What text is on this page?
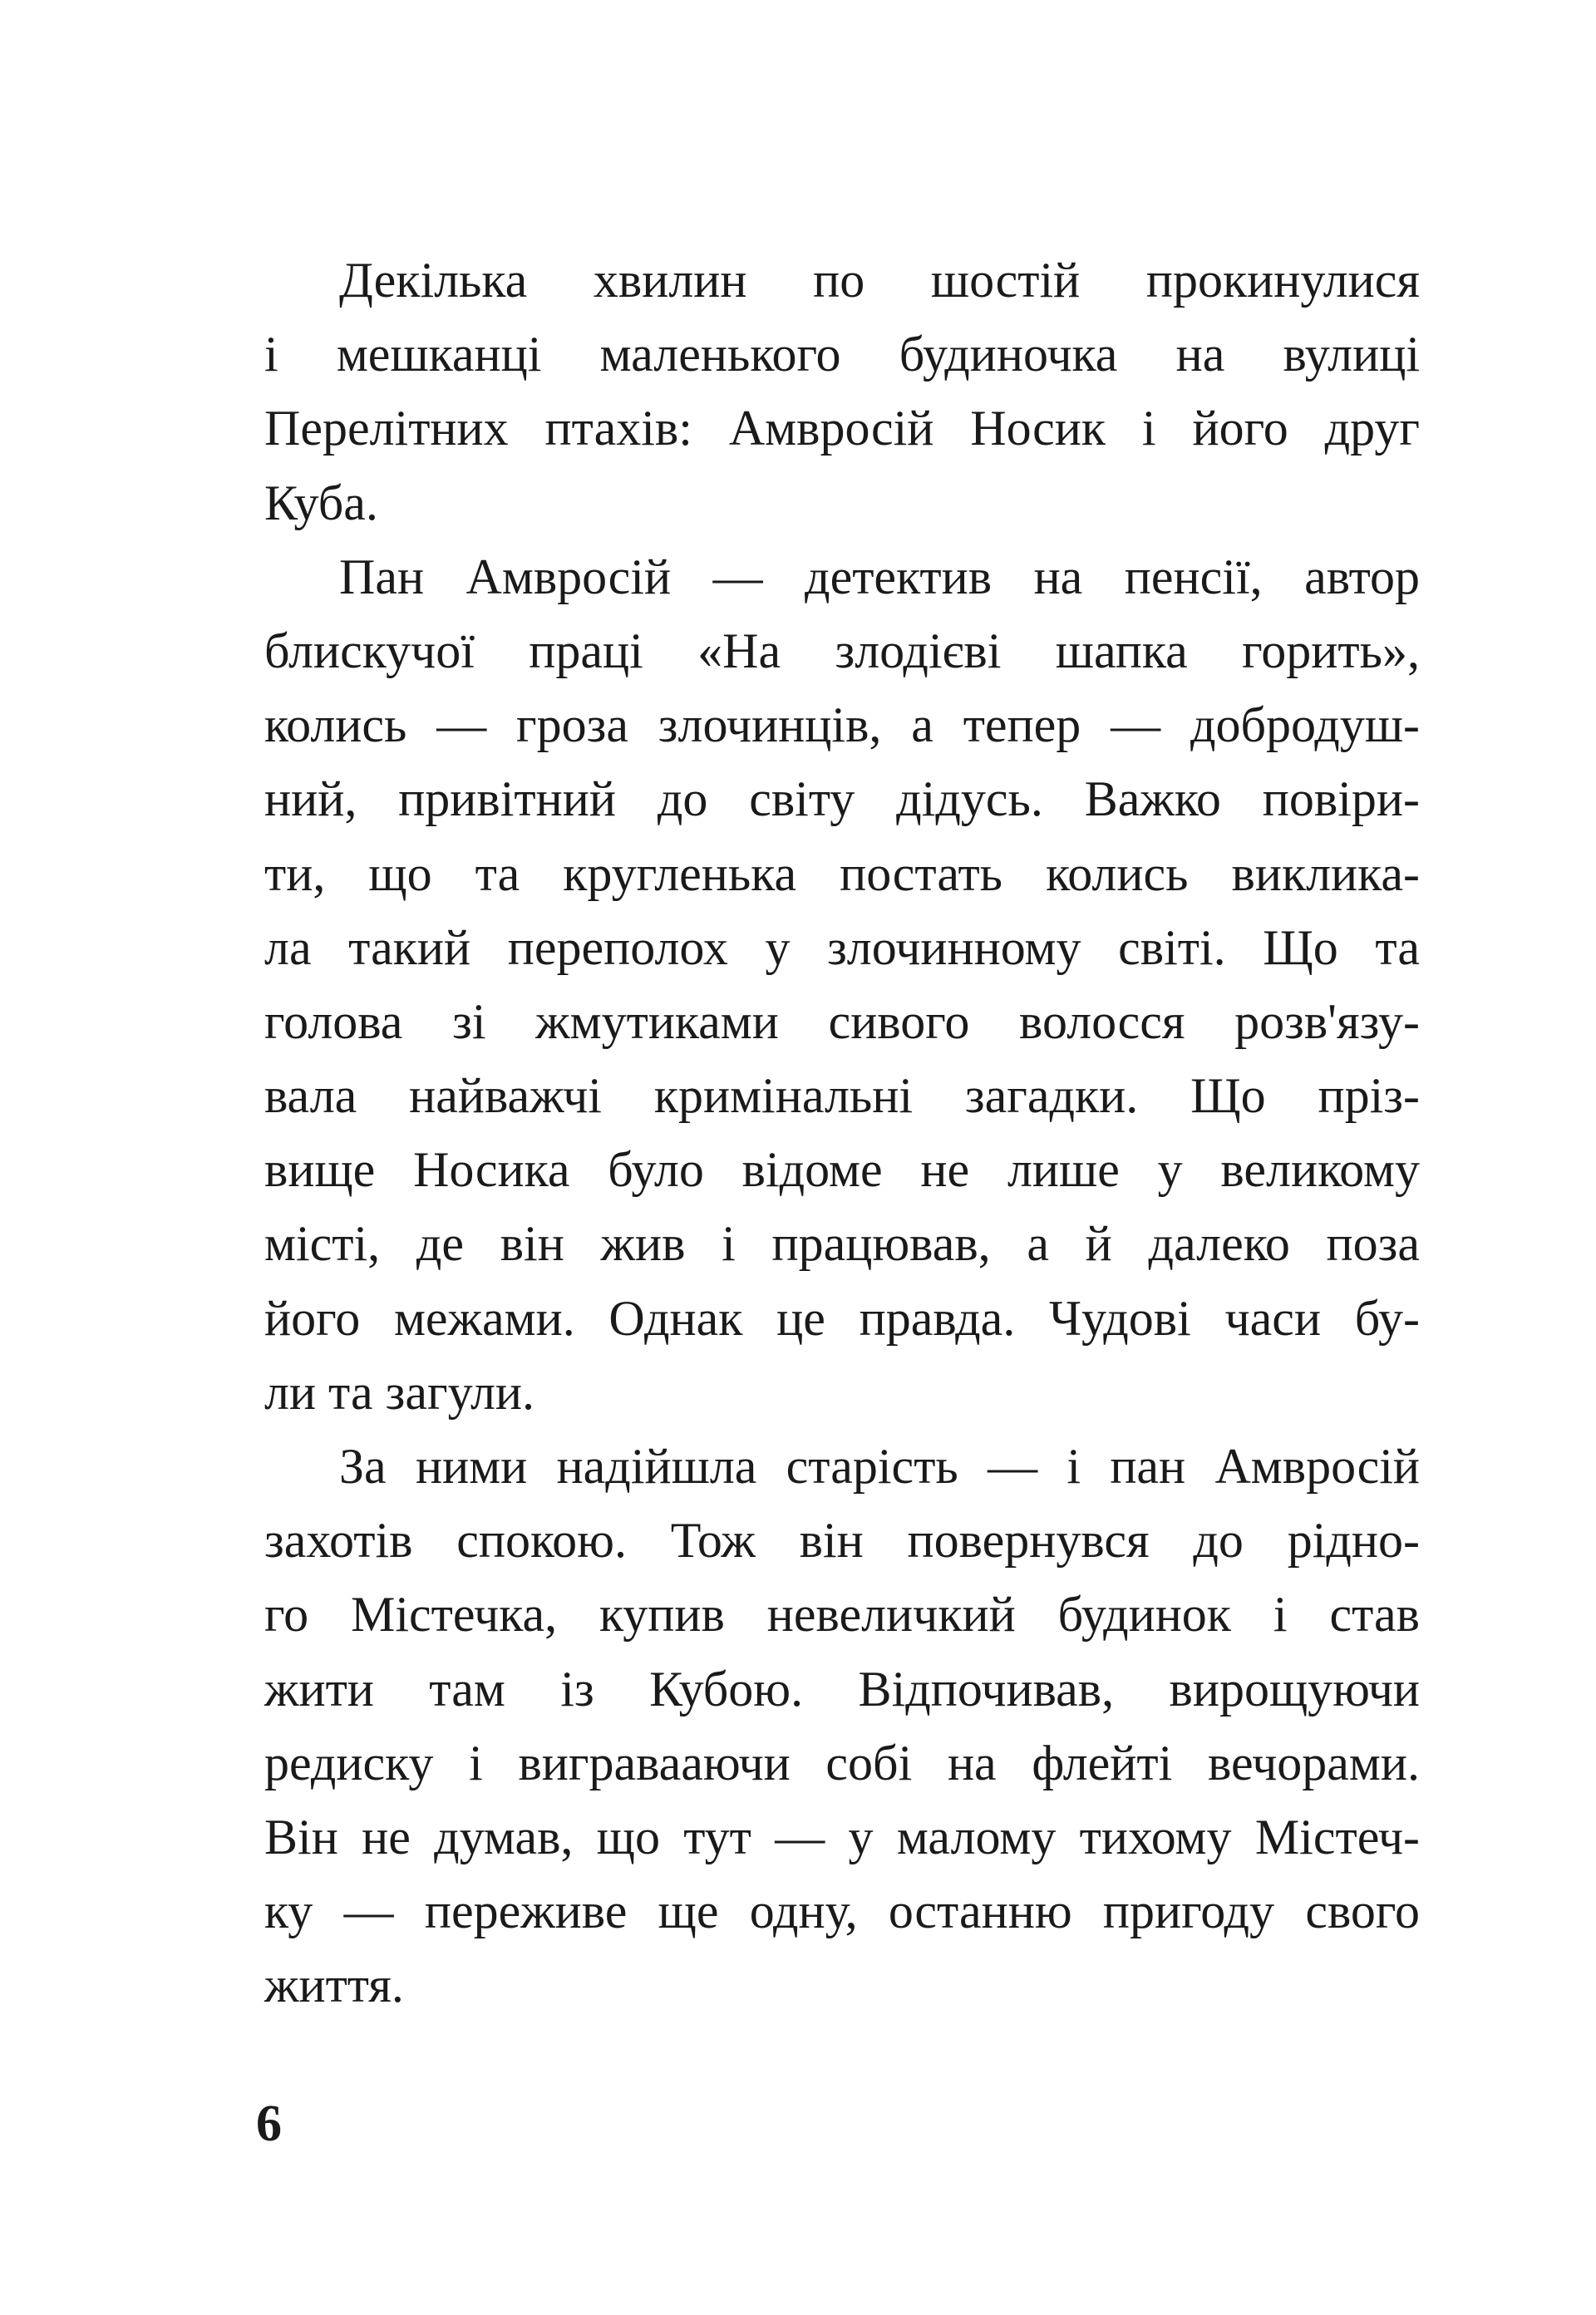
Декілька хвилин по шостій прокинулися
і мешканці маленького будиночка на вулиці
Перелітних птахів: Амвросій Носик і його друг
Куба.
Пан Амвросій — детектив на пенсії, автор
блискучої праці «На злодієві шапка горить»,
колись — гроза злочинців, а тепер — добродуш-
ний, привітний до світу дідусь. Важко повіри-
ти, що та кругленька постать колись виклика-
ла такий переполох у злочинному світі. Що та
голова зі жмутиками сивого волосся розв'язу-
вала найважчі кримінальні загадки. Що пріз-
вище Носика було відоме не лише у великому
місті, де він жив і працював, а й далеко поза
його межами. Однак це правда. Чудові часи бу-
ли та загули.
За ними надійшла старість — і пан Амвросій
захотів спокою. Тож він повернувся до рідно-
го Містечка, купив невеличкий будинок і став
жити там із Кубою. Відпочивав, вирощуючи
редиску і вигравааючи собі на флейті вечорами.
Він не думав, що тут — у малому тихому Містеч-
ку — переживе ще одну, останню пригоду свого
життя.
6
